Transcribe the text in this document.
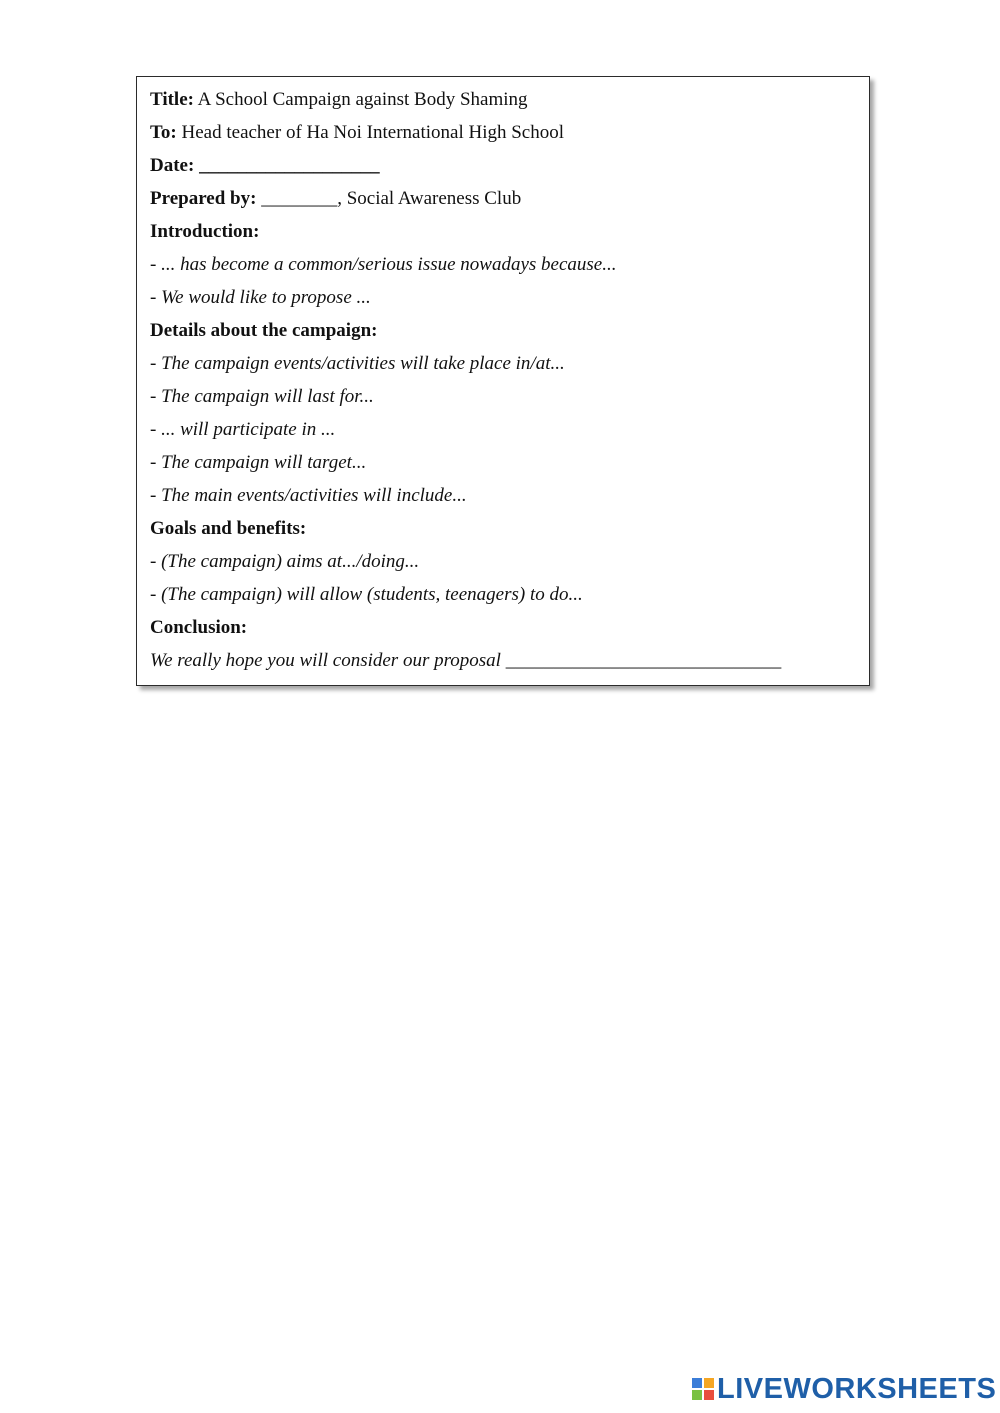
Title: A School Campaign against Body Shaming
To: Head teacher of Ha Noi International High School
Date: ___________________
Prepared by: ________, Social Awareness Club
Introduction:
- ... has become a common/serious issue nowadays because...
- We would like to propose ...
Details about the campaign:
- The campaign events/activities will take place in/at...
- The campaign will last for...
- ... will participate in ...
- The campaign will target...
- The main events/activities will include...
Goals and benefits:
- (The campaign) aims at.../doing...
- (The campaign) will allow (students, teenagers) to do...
Conclusion:
We really hope you will consider our proposal _____________________________
LIVEWORKSHEETS
